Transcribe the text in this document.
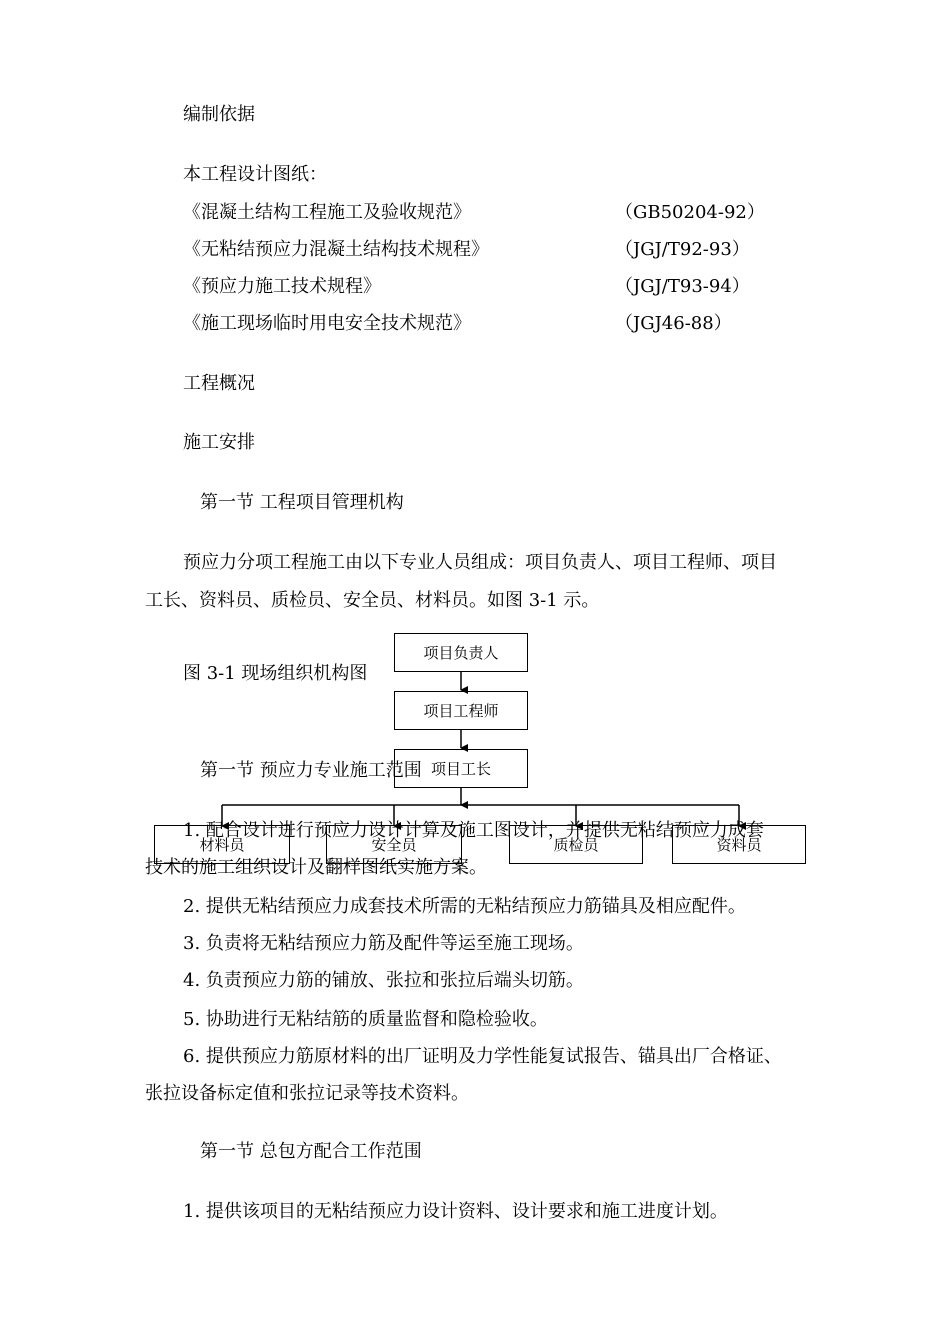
编制依据
本工程设计图纸：
《混凝土结构工程施工及验收规范》	（GB50204-92）
《无粘结预应力混凝土结构技术规程》	（JGJ/T92-93）
《预应力施工技术规程》	（JGJ/T93-94）
《施工现场临时用电安全技术规范》	（JGJ46-88）
工程概况
施工安排
第一节 工程项目管理机构
预应力分项工程施工由以下专业人员组成：项目负责人、项目工程师、项目
工长、资料员、质检员、安全员、材料员。如图 3-1 示。
图 3-1 现场组织机构图
项目负责人
项目工程师
项目工长
材料员	安全员	质检员	资料员
第一节 预应力专业施工范围
1. 配合设计进行预应力设计计算及施工图设计，并提供无粘结预应力成套
技术的施工组织设计及翻样图纸实施方案。
2. 提供无粘结预应力成套技术所需的无粘结预应力筋锚具及相应配件。
3. 负责将无粘结预应力筋及配件等运至施工现场。
4. 负责预应力筋的铺放、张拉和张拉后端头切筋。
5. 协助进行无粘结筋的质量监督和隐检验收。
6. 提供预应力筋原材料的出厂证明及力学性能复试报告、锚具出厂合格证、
张拉设备标定值和张拉记录等技术资料。
第一节 总包方配合工作范围
1. 提供该项目的无粘结预应力设计资料、设计要求和施工进度计划。
